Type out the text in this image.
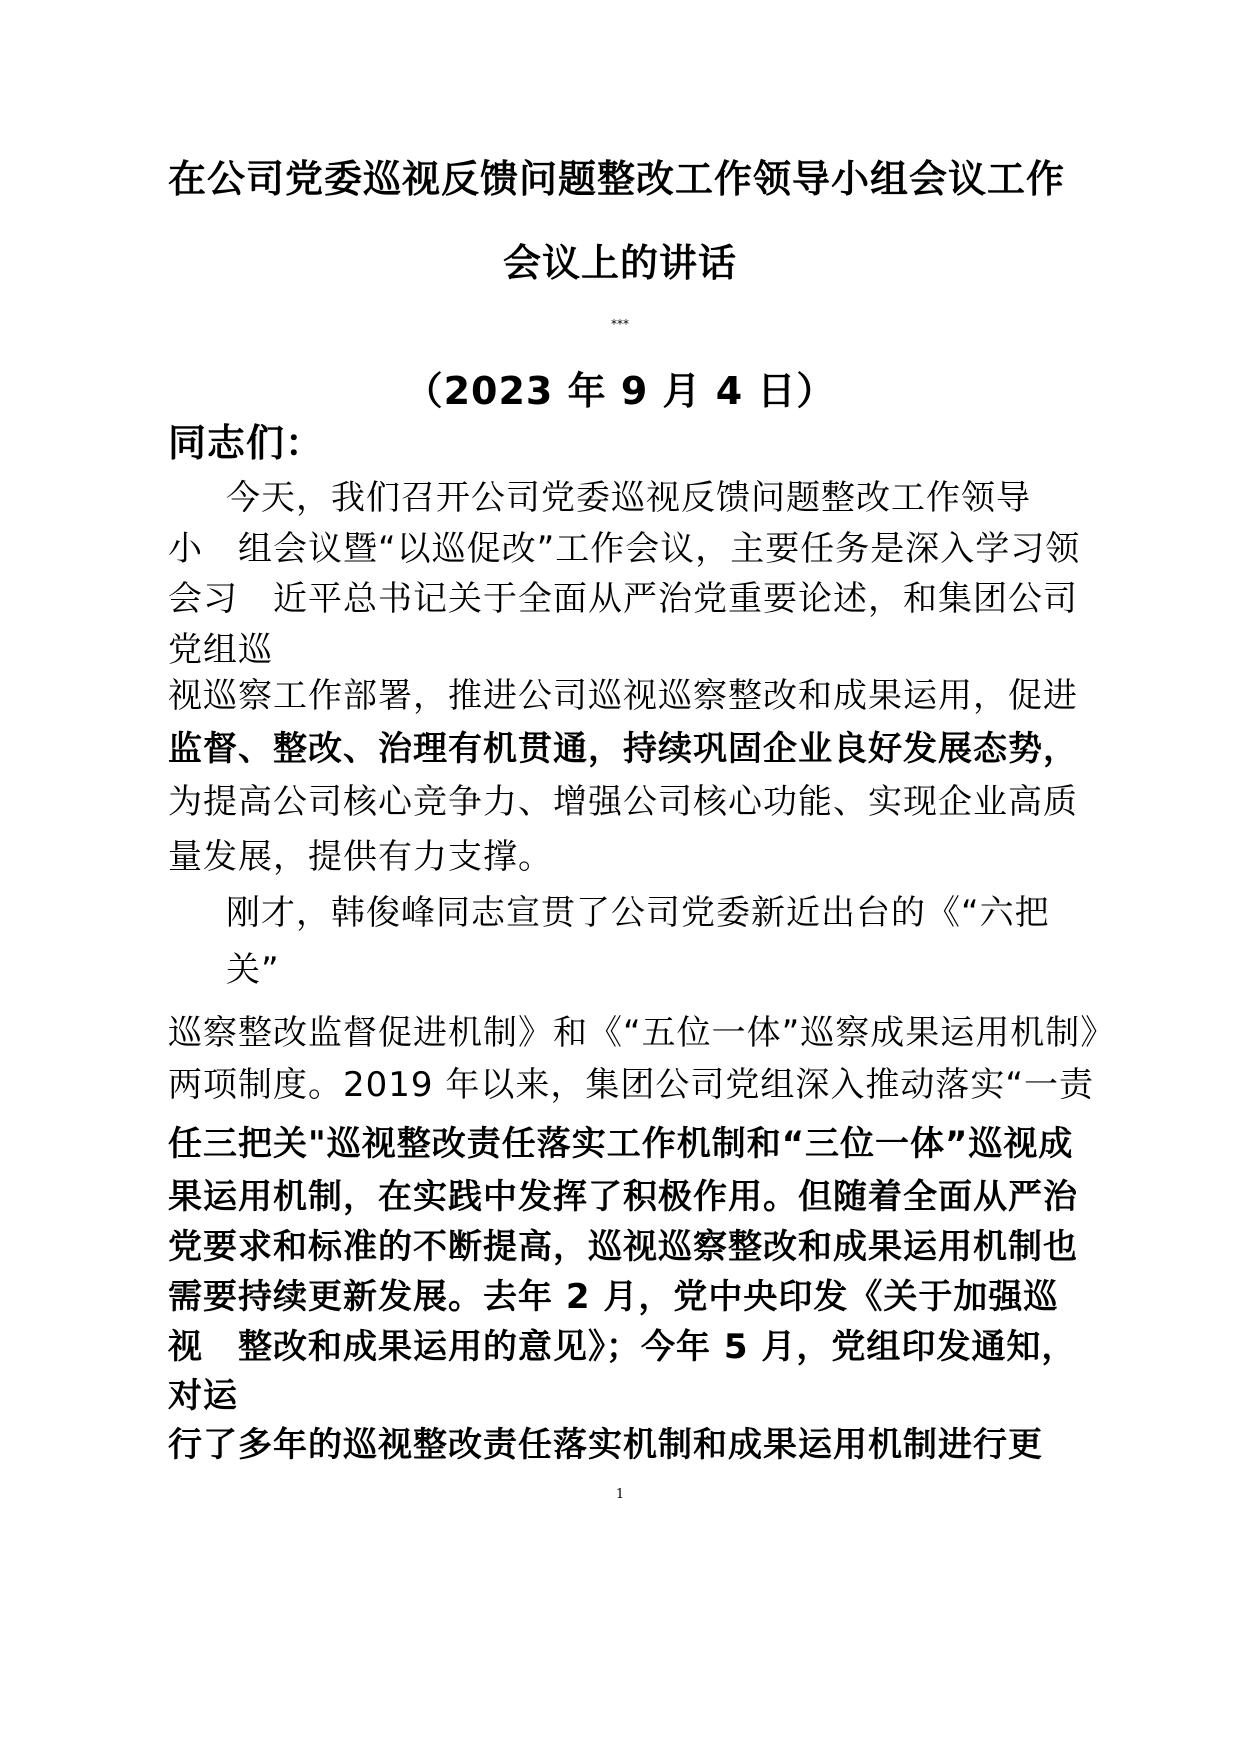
在公司党委巡视反馈问题整改工作领导小组会议工作
会议上的讲话
***
（2023 年 9 月 4 日）
同志们：
今天，我们召开公司党委巡视反馈问题整改工作领导
小　组会议暨“以巡促改”工作会议，主要任务是深入学习领
会习　近平总书记关于全面从严治党重要论述，和集团公司
党组巡
视巡察工作部署，推进公司巡视巡察整改和成果运用，促进
监督、整改、治理有机贯通，持续巩固企业良好发展态势，
为提高公司核心竞争力、增强公司核心功能、实现企业高质
量发展，提供有力支撑。
刚才，韩俊峰同志宣贯了公司党委新近出台的《“六把
关”
巡察整改监督促进机制》和《“五位一体”巡察成果运用机制》
两项制度。2019 年以来，集团公司党组深入推动落实“一责
任三把关"巡视整改责任落实工作机制和“三位一体”巡视成
果运用机制，在实践中发挥了积极作用。但随着全面从严治
党要求和标准的不断提高，巡视巡察整改和成果运用机制也
需要持续更新发展。去年 2 月，党中央印发《关于加强巡
视　整改和成果运用的意见》；今年 5 月，党组印发通知，
对运
行了多年的巡视整改责任落实机制和成果运用机制进行更
1
